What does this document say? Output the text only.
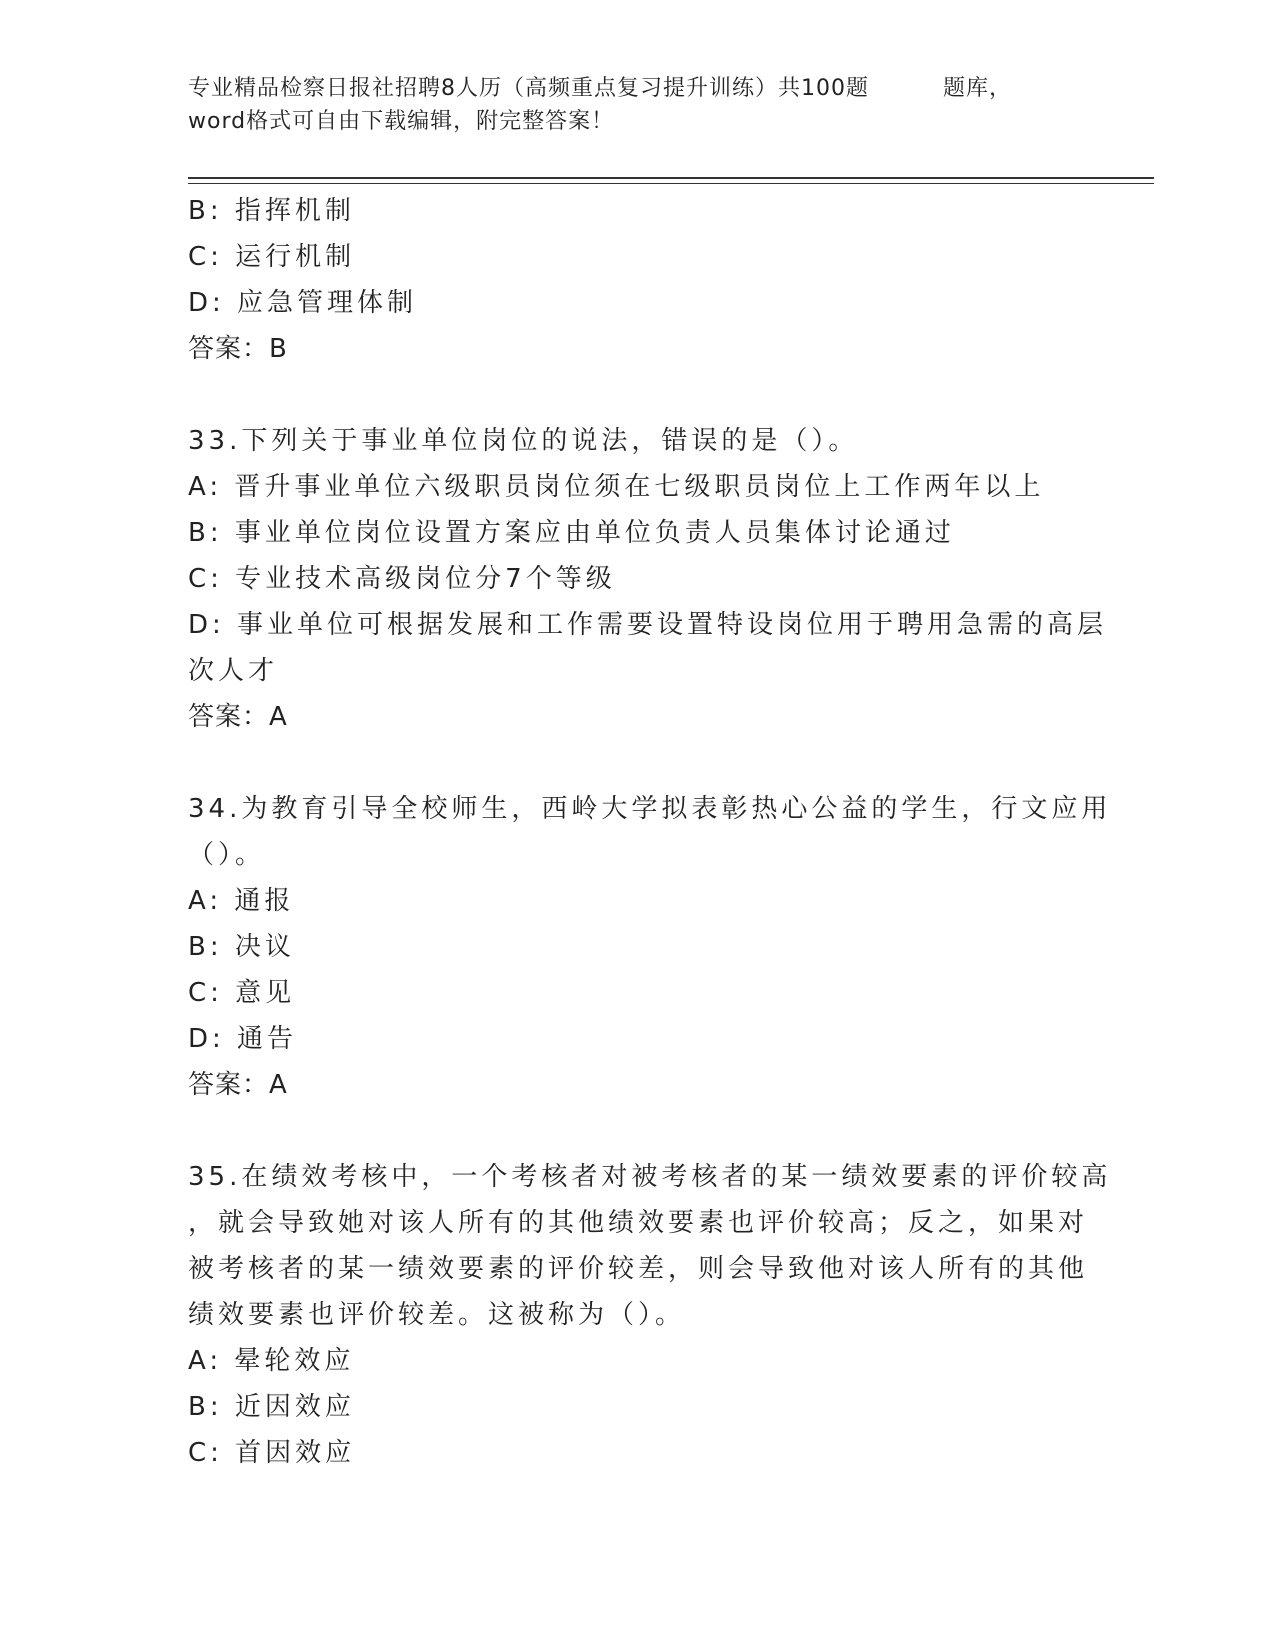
专业精品检察日报社招聘8人历（高频重点复习提升训练）共100题	题库，
word格式可自由下载编辑，附完整答案！
B: 指挥机制
C: 运行机制
D: 应急管理体制
答案：B
33.下列关于事业单位岗位的说法，错误的是（）。
A: 晋升事业单位六级职员岗位须在七级职员岗位上工作两年以上
B: 事业单位岗位设置方案应由单位负责人员集体讨论通过
C: 专业技术高级岗位分7个等级
D: 事业单位可根据发展和工作需要设置特设岗位用于聘用急需的高层
次人才
答案：A
34.为教育引导全校师生，西岭大学拟表彰热心公益的学生，行文应用
（）。
A: 通报
B: 决议
C: 意见
D: 通告
答案：A
35.在绩效考核中，一个考核者对被考核者的某一绩效要素的评价较高
，就会导致她对该人所有的其他绩效要素也评价较高；反之，如果对
被考核者的某一绩效要素的评价较差，则会导致他对该人所有的其他
绩效要素也评价较差。这被称为（）。
A: 晕轮效应
B: 近因效应
C: 首因效应
